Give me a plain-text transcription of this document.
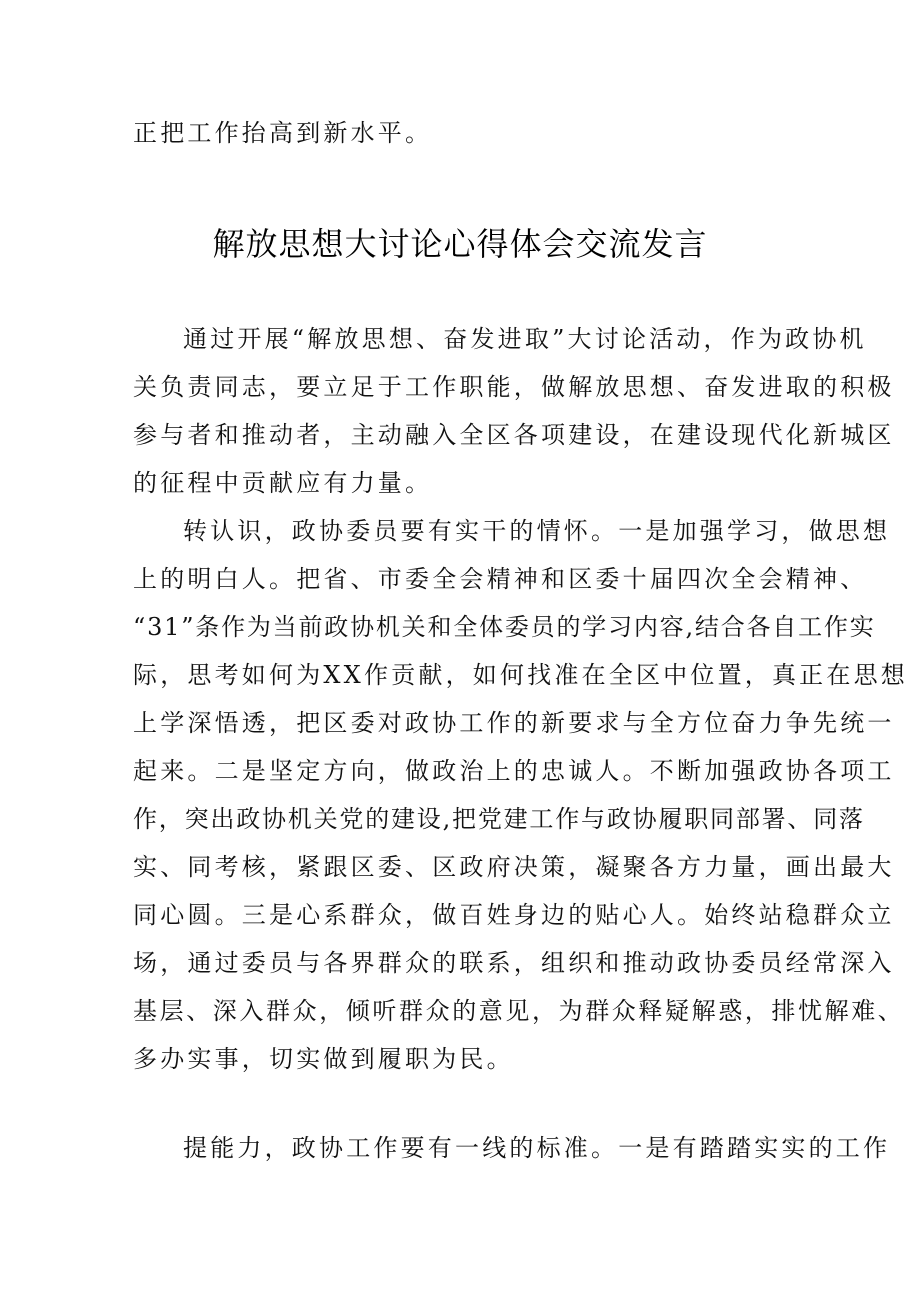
正把工作抬高到新水平。
解放思想大讨论心得体会交流发言
通过开展“解放思想、奋发进取”大讨论活动，作为政协机
关负责同志，要立足于工作职能，做解放思想、奋发进取的积极
参与者和推动者，主动融入全区各项建设，在建设现代化新城区
的征程中贡献应有力量。
转认识，政协委员要有实干的情怀。一是加强学习，做思想
上的明白人。把省、市委全会精神和区委十届四次全会精神、
“31”条作为当前政协机关和全体委员的学习内容,结合各自工作实
际，思考如何为XX作贡献，如何找准在全区中位置，真正在思想
上学深悟透，把区委对政协工作的新要求与全方位奋力争先统一
起来。二是坚定方向，做政治上的忠诚人。不断加强政协各项工
作，突出政协机关党的建设,把党建工作与政协履职同部署、同落
实、同考核，紧跟区委、区政府决策，凝聚各方力量，画出最大
同心圆。三是心系群众，做百姓身边的贴心人。始终站稳群众立
场，通过委员与各界群众的联系，组织和推动政协委员经常深入
基层、深入群众，倾听群众的意见，为群众释疑解惑，排忧解难、
多办实事，切实做到履职为民。
提能力，政协工作要有一线的标准。一是有踏踏实实的工作
